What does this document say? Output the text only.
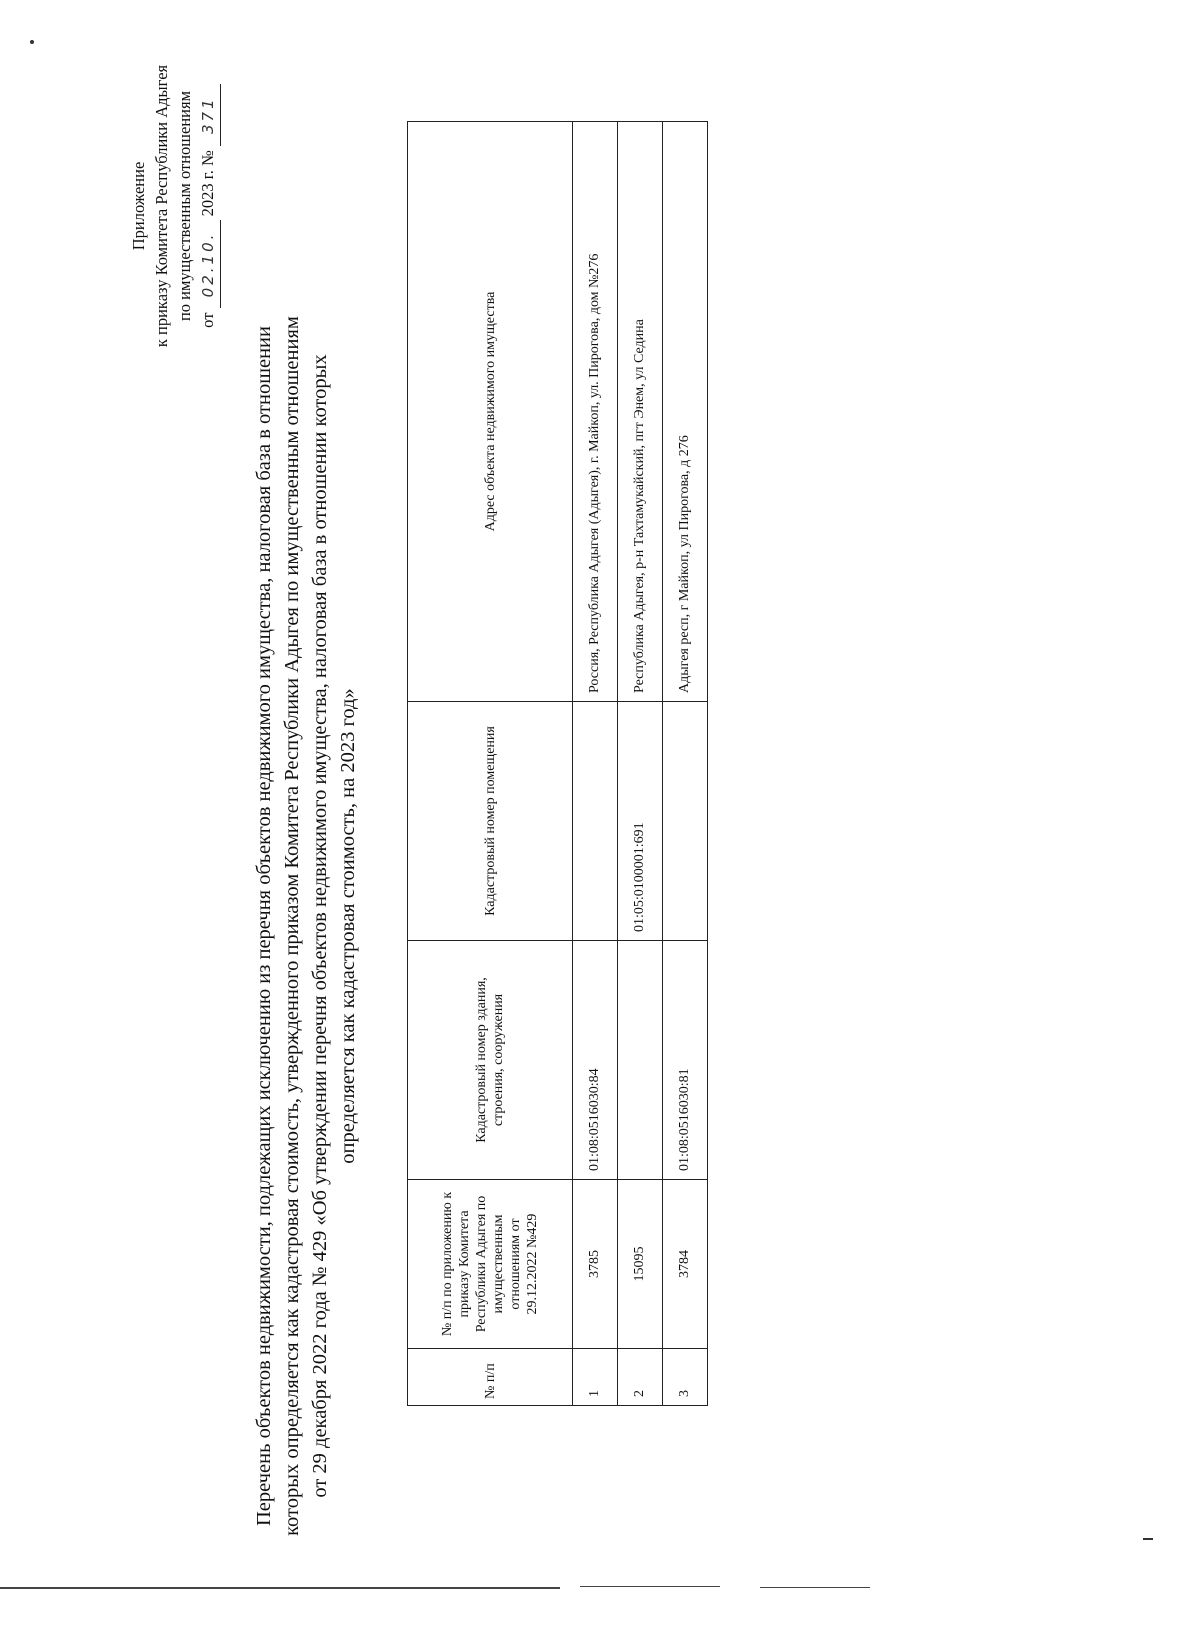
Приложение к приказу Комитета Республики Адыгея по имущественным отношениям от 02.10. 2023 г. № 371
Перечень объектов недвижимости, подлежащих исключению из перечня объектов недвижимого имущества, налоговая база в отношении которых определяется как кадастровая стоимость, утвержденного приказом Комитета Республики Адыгея по имущественным отношениям от 29 декабря 2022 года № 429 «Об утверждении перечня объектов недвижимого имущества, налоговая база в отношении которых определяется как кадастровая стоимость, на 2023 год»
№ п/п	№ п/п по приложению к приказу Комитета Республики Адыгея по имущественным отношениям от 29.12.2022 №429	Кадастровый номер здания, строения, сооружения	Кадастровый номер помещения	Адрес объекта недвижимого имущества
1	3785	01:08:0516030:84		Россия, Республика Адыгея (Адыгея), г. Майкоп, ул. Пирогова, дом №276
2	15095		01:05:0100001:691	Республика Адыгея, р-н Тахтамукайский, пгт Энем, ул Седина
3	3784	01:08:0516030:81		Адыгея респ, г Майкоп, ул Пирогова, д 276
